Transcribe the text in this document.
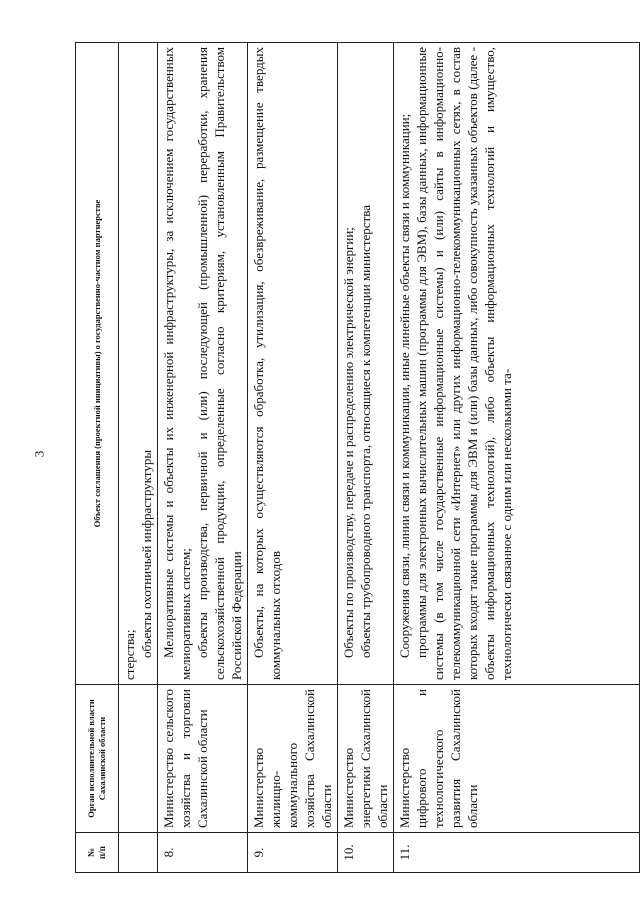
3
№
п/п	Орган исполнительной власти Сахалинской области	Объект соглашения (проектной инициативы) о государственно-частном партнерстве

		стерства; объекты охотничьей инфраструктуры

8.	Министерство сельского хозяйства и торговли Сахалинской области	Мелиоративные системы и объекты их инженерной инфраструктуры, за исключением государственных мелиоративных систем; объекты производства, первичной и (или) последующей (промышленной) переработки, хранения сельскохозяйственной продукции, определенные согласно критериям, установленным Правительством Российской Федерации

9.	Министерство жилищно-коммунального хозяйства Сахалинской области	Объекты, на которых осуществляются обработка, утилизация, обезвреживание, размещение твердых коммунальных отходов

10.	Министерство энергетики Сахалинской области	Объекты по производству, передаче и распределению электрической энергии; объекты трубопроводного транспорта, относящиеся к компетенции министерства

11.	Министерство цифрового и технологического развития Сахалинской области	Сооружения связи, линии связи и коммуникации, иные линейные объекты связи и коммуникации; программы для электронных вычислительных машин (программы для ЭВМ), базы данных, информационные системы (в том числе государственные информационные системы) и (или) сайты в информационно-телекоммуникационной сети «Интернет» или других информационно-телекоммуникационных сетях, в состав которых входят такие программы для ЭВМ и (или) базы данных, либо совокупность указанных объектов (далее - объекты информационных технологий), либо объекты информационных технологий и имущество, технологически связанное с одним или несколькими та-
